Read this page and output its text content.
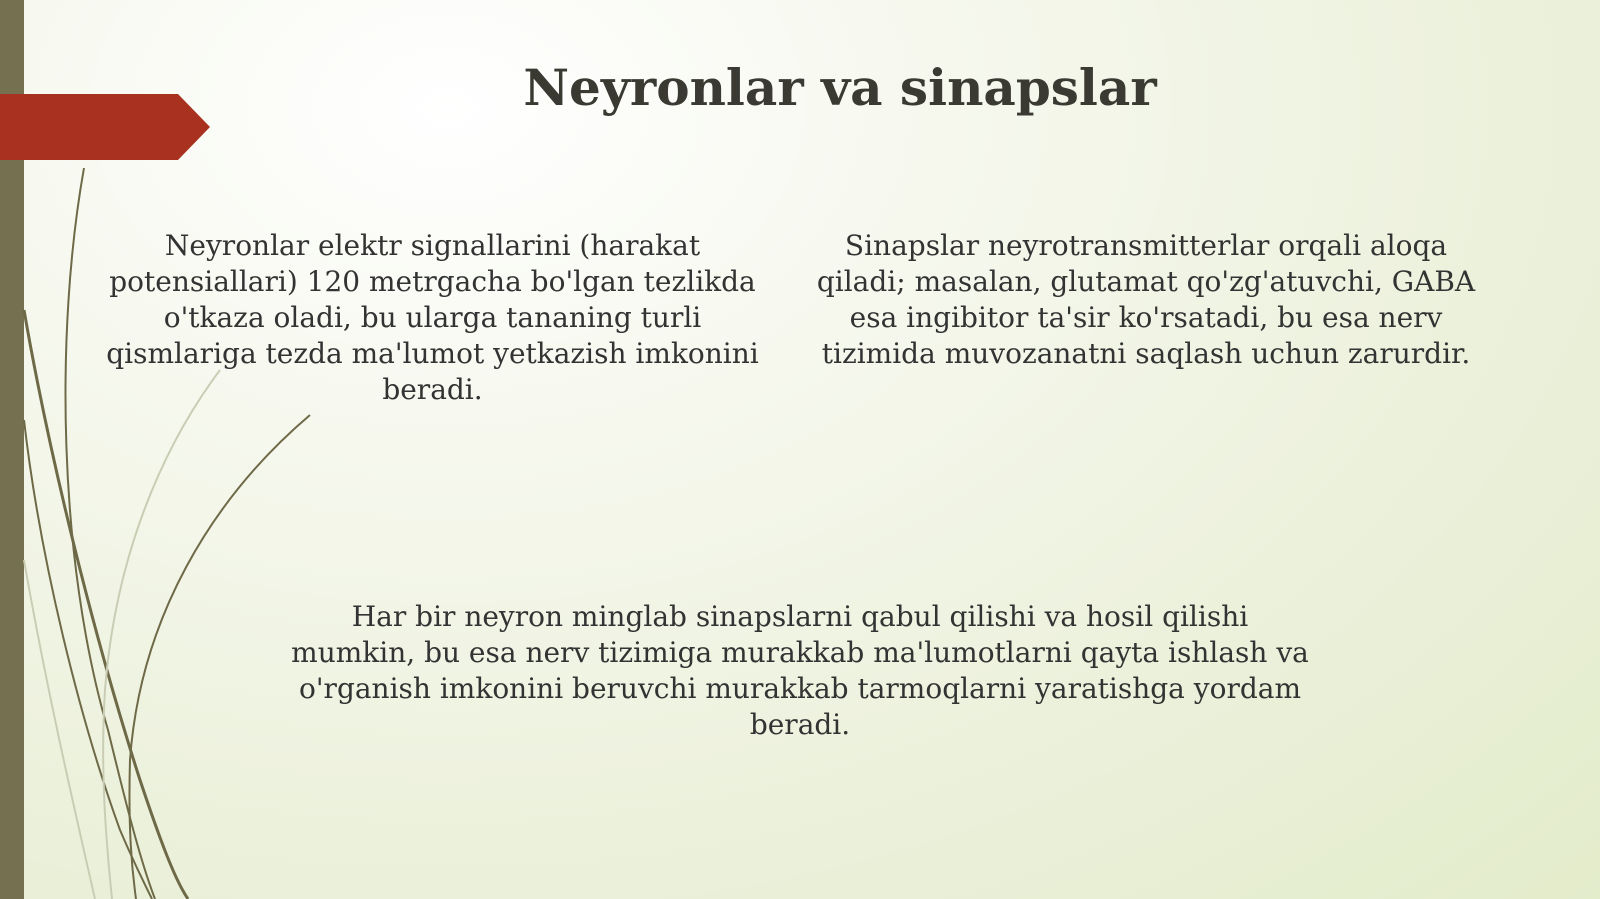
Neyronlar va sinapslar

Neyronlar elektr signallarini (harakat potensiallari) 120 metrgacha bo'lgan tezlikda o'tkaza oladi, bu ularga tananing turli qismlariga tezda ma'lumot yetkazish imkonini beradi.

Sinapslar neyrotransmitterlar orqali aloqa qiladi; masalan, glutamat qo'zg'atuvchi, GABA esa ingibitor ta'sir ko'rsatadi, bu esa nerv tizimida muvozanatni saqlash uchun zarurdir.

Har bir neyron minglab sinapslarni qabul qilishi va hosil qilishi mumkin, bu esa nerv tizimiga murakkab ma'lumotlarni qayta ishlash va o'rganish imkonini beruvchi murakkab tarmoqlarni yaratishga yordam beradi.
